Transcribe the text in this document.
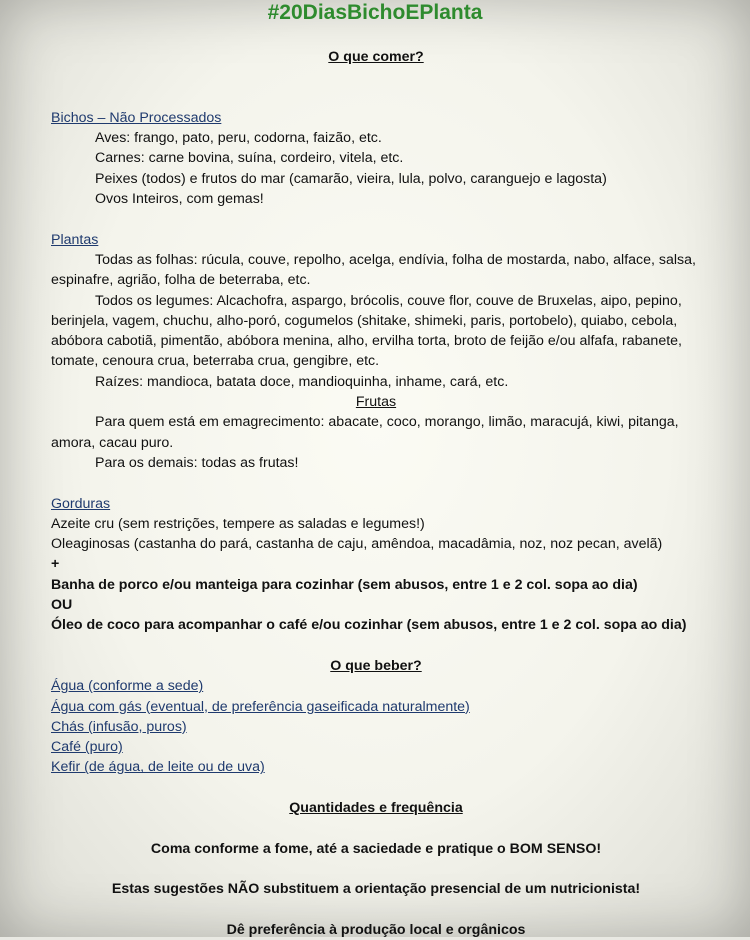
#20DiasBichoEPlanta

O que comer?

Bichos – Não Processados

Aves: frango, pato, peru, codorna, faizão, etc.

Carnes: carne bovina, suína, cordeiro, vitela, etc.

Peixes (todos) e frutos do mar (camarão, vieira, lula, polvo, caranguejo e lagosta)

Ovos Inteiros, com gemas!

Plantas

Todas as folhas: rúcula, couve, repolho, acelga, endívia, folha de mostarda, nabo, alface, salsa, espinafre, agrião, folha de beterraba, etc.

Todos os legumes: Alcachofra, aspargo, brócolis, couve flor, couve de Bruxelas, aipo, pepino, berinjela, vagem, chuchu, alho-poró, cogumelos (shitake, shimeki, paris, portobelo), quiabo, cebola, abóbora cabotiã, pimentão, abóbora menina, alho, ervilha torta, broto de feijão e/ou alfafa, rabanete, tomate, cenoura crua, beterraba crua, gengibre, etc.

Raízes: mandioca, batata doce, mandioquinha, inhame, cará, etc.

Frutas

Para quem está em emagrecimento: abacate, coco, morango, limão, maracujá, kiwi, pitanga, amora, cacau puro.

Para os demais: todas as frutas!

Gorduras

Azeite cru (sem restrições, tempere as saladas e legumes!)

Oleaginosas (castanha do pará, castanha de caju, amêndoa, macadâmia, noz, noz pecan, avelã)

+

Banha de porco e/ou manteiga para cozinhar (sem abusos, entre 1 e 2 col. sopa ao dia)

OU

Óleo de coco para acompanhar o café e/ou cozinhar (sem abusos, entre 1 e 2 col. sopa ao dia)

O que beber?

Água (conforme a sede)

Água com gás (eventual, de preferência gaseificada naturalmente)

Chás (infusão, puros)

Café (puro)

Kefir (de água, de leite ou de uva)

Quantidades e frequência

Coma conforme a fome, até a saciedade e pratique o BOM SENSO!

Estas sugestões NÃO substituem a orientação presencial de um nutricionista!

Dê preferência à produção local e orgânicos
